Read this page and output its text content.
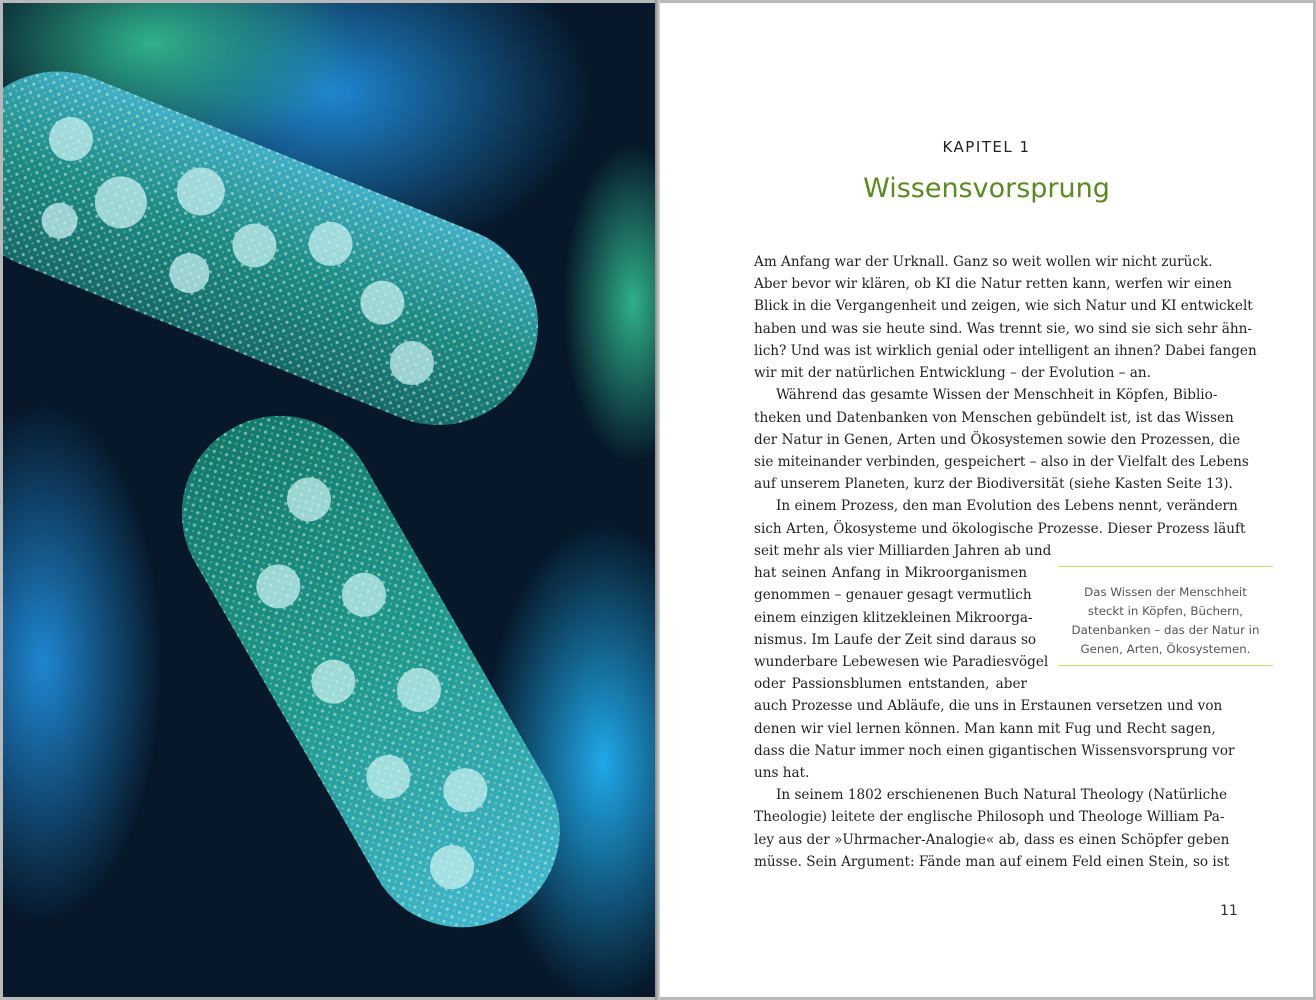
KAPITEL 1
Wissensvorsprung
Am Anfang war der Urknall. Ganz so weit wollen wir nicht zurück.
Aber bevor wir klären, ob KI die Natur retten kann, werfen wir einen
Blick in die Vergangenheit und zeigen, wie sich Natur und KI entwickelt
haben und was sie heute sind. Was trennt sie, wo sind sie sich sehr ähn-
lich? Und was ist wirklich genial oder intelligent an ihnen? Dabei fangen
wir mit der natürlichen Entwicklung – der Evolution – an.
Während das gesamte Wissen der Menschheit in Köpfen, Biblio-
theken und Datenbanken von Menschen gebündelt ist, ist das Wissen
der Natur in Genen, Arten und Ökosystemen sowie den Prozessen, die
sie miteinander verbinden, gespeichert – also in der Vielfalt des Lebens
auf unserem Planeten, kurz der Biodiversität (siehe Kasten Seite 13).
In einem Prozess, den man Evolution des Lebens nennt, verändern
sich Arten, Ökosysteme und ökologische Prozesse. Dieser Prozess läuft
seit mehr als vier Milliarden Jahren ab und
hat seinen Anfang in Mikroorganismen
genommen – genauer gesagt vermutlich
einem einzigen klitzekleinen Mikroorga-
nismus. Im Laufe der Zeit sind daraus so
wunderbare Lebewesen wie Paradiesvögel
oder Passionsblumen entstanden, aber
auch Prozesse und Abläufe, die uns in Erstaunen versetzen und von
denen wir viel lernen können. Man kann mit Fug und Recht sagen,
dass die Natur immer noch einen gigantischen Wissensvorsprung vor
uns hat.
In seinem 1802 erschienenen Buch Natural Theology (Natürliche
Theologie) leitete der englische Philosoph und Theologe William Pa-
ley aus der »Uhrmacher-Analogie« ab, dass es einen Schöpfer geben
müsse. Sein Argument: Fände man auf einem Feld einen Stein, so ist
Das Wissen der Menschheit
steckt in Köpfen, Büchern,
Datenbanken – das der Natur in
Genen, Arten, Ökosystemen.
11
